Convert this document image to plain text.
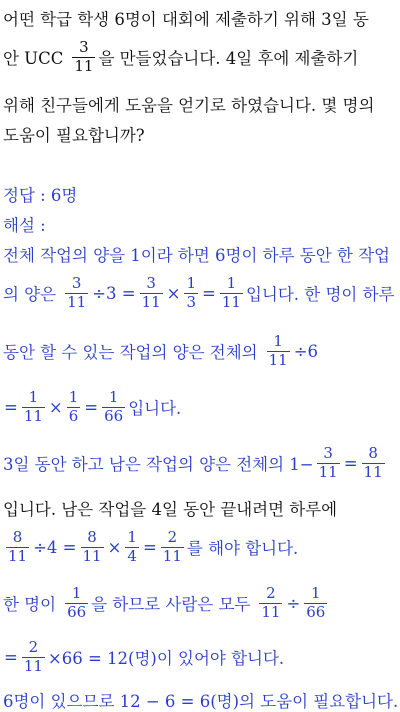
어떤 학급 학생 6명이 대회에 제출하기 위해 3일 동
안 UCC
3
11 을 만들었습니다. 4일 후에 제출하기
위해 친구들에게 도움을 얻기로 하였습니다. 몇 명의
도움이 필요합니까?
정답 : 6명
해설 :
전체 작업의 양을 1이라 하면 6명이 하루 동안 한 작업
의 양은 $\frac{3}{11} \div 3 = \frac{3}{11} \times \frac{1}{3} = \frac{1}{11}$ 입니다. 한 명이 하루
동안 할 수 있는 작업의 양은 전체의 $\frac{1}{11} \div 6$
= $\frac{1}{11} \times \frac{1}{6} = \frac{1}{66}$ 입니다.
3일 동안 하고 남은 작업의 양은 전체의 $1- \frac{3}{11} = \frac{8}{11}$
입니다. 남은 작업을 4일 동안 끝내려면 하루에
$\frac{8}{11} \div 4 = \frac{8}{11} \times \frac{1}{4} = \frac{2}{11}$ 를 해야 합니다.
한 명이
1
66 을 하므로 사람은 모두 $\frac{2}{11} \div \frac{1}{66}$
= $\frac{2}{11} \times 66 = 12$(명)이 있어야 합니다.
6명이 있으므로 12 − 6 = 6(명)의 도움이 필요합니다.
